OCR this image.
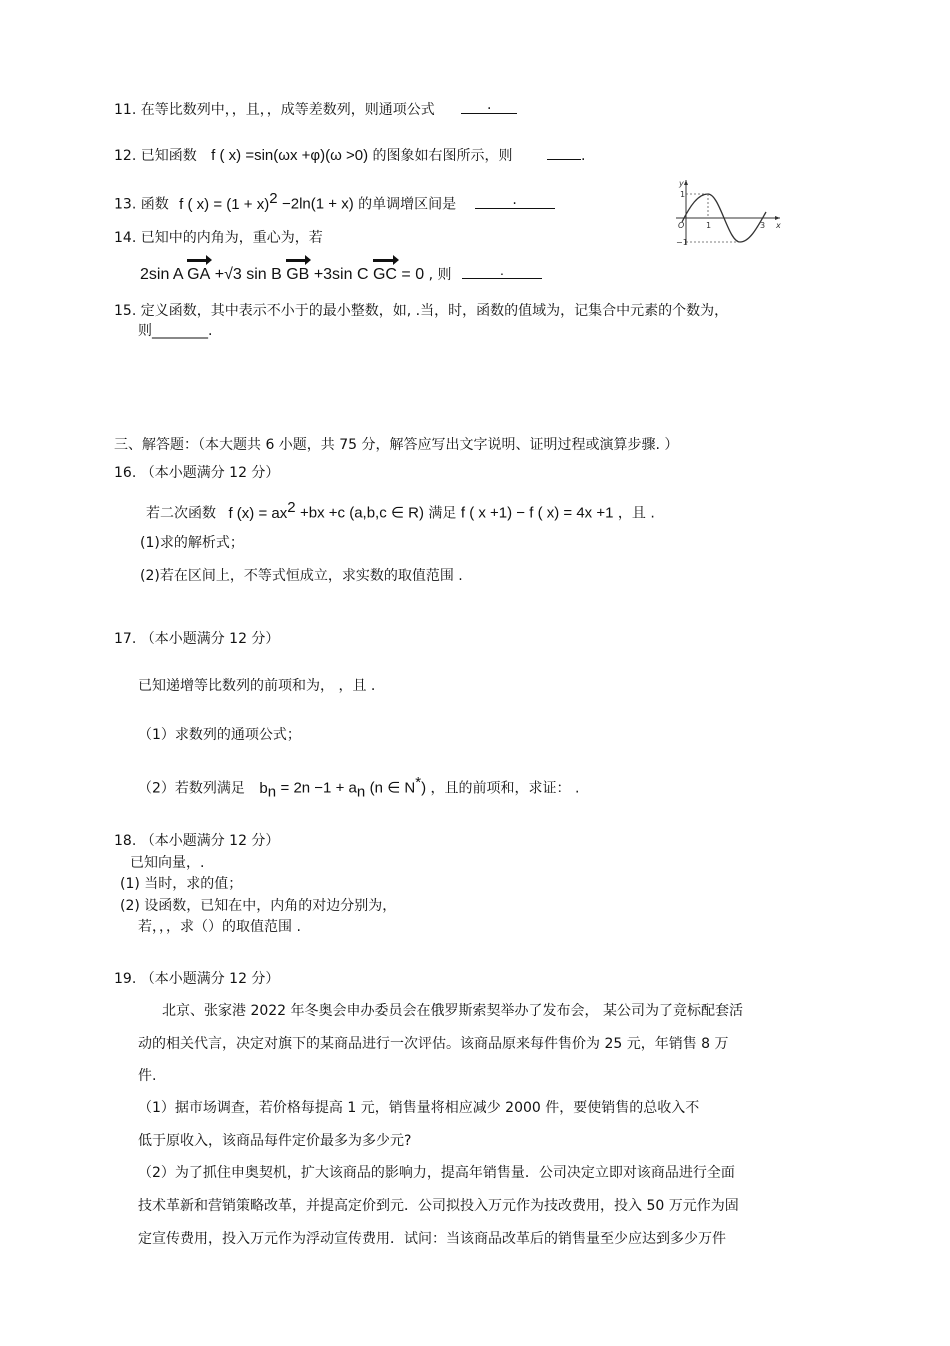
11. 在等比数列中，，且，，成等差数列，则通项公式	.
12. 已知函数 f ( x) =sin(ωx +φ)(ω >0) 的图象如右图所示，则	.
13. 函数 f ( $x) = (1 + x)^2 -2\ln(1 + x)$ 的单调增区间是	.
y
x
O	1	3
1
−1
14. 已知中的内角为，重心为，若
2sin A GA +√3 sin B GB +3sin C GC = 0 , 则	.
15. 定义函数，其中表示不小于的最小整数，如, .当，时，函数的值域为，记集合中元素的个数为，
则________.
三、解答题：（本大题共 6 小题，共 75 分，解答应写出文字说明、证明过程或演算步骤. ）
16. （本小题满分 12 分）
若二次函数 f $(x) = ax^2 +bx +c$ (a,b,c ∈ R) 满足 f ( x +1) − f ( x) = 4x +1 ，且 .
(1)求的解析式；
(2)若在区间上，不等式恒成立，求实数的取值范围 .
17. （本小题满分 12 分）
已知递增等比数列的前项和为， ，且 .
（1）求数列的通项公式；
（2）若数列满足 $b_n = 2n -1 + a_n$ (n ∈ N*) ，且的前项和，求证： .
18. （本小题满分 12 分）
已知向量，.
(1) 当时，求的值；
(2) 设函数，已知在中，内角的对边分别为，
若，，，求（）的取值范围 .
19. （本小题满分 12 分）
北京、张家港 2022 年冬奥会申办委员会在俄罗斯索契举办了发布会， 某公司为了竞标配套活
动的相关代言，决定对旗下的某商品进行一次评估。该商品原来每件售价为 25 元，年销售 8 万
件.
（1）据市场调查，若价格每提高 1 元，销售量将相应减少 2000 件，要使销售的总收入不
低于原收入，该商品每件定价最多为多少元?
（2）为了抓住申奥契机，扩大该商品的影响力，提高年销售量．公司决定立即对该商品进行全面
技术革新和营销策略改革，并提高定价到元．公司拟投入万元作为技改费用，投入 50 万元作为固
定宣传费用，投入万元作为浮动宣传费用．试问：当该商品改革后的销售量至少应达到多少万件
